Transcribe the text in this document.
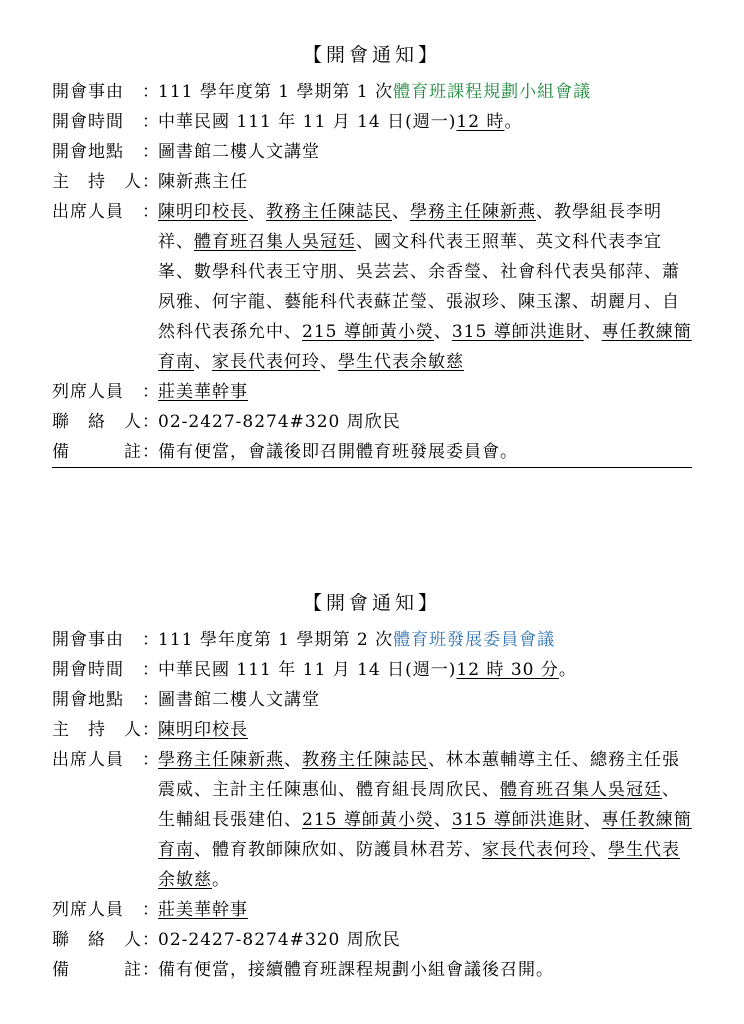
【開會通知】
開會事由	：
111 學年度第 1 學期第 1 次體育班課程規劃小組會議
開會時間	：
中華民國 111 年 11 月 14 日(週一)12 時。
開會地點	：
圖書館二樓人文講堂
主 持 人 ：
陳新燕主任
出席人員	：
陳明印校長、教務主任陳誌民、學務主任陳新燕、教學組長李明祥、體育班召集人吳冠廷、國文科代表王照華、英文科代表李宜峯、數學科代表王守朋、吳芸芸、余香瑩、社會科代表吳郁萍、蕭夙雅、何宇龍、藝能科代表蘇芷瑩、張淑珍、陳玉潔、胡麗月、自然科代表孫允中、215 導師黃小熒、315 導師洪進財、專任教練簡育南、家長代表何玲、學生代表余敏慈
列席人員	：
莊美華幹事
聯 絡 人 ：
02-2427-8274#320 周欣民
備	註 ：
備有便當，會議後即召開體育班發展委員會。
【開會通知】
開會事由	：
111 學年度第 1 學期第 2 次體育班發展委員會議
開會時間	：
中華民國 111 年 11 月 14 日(週一)12 時 30 分。
開會地點	：
圖書館二樓人文講堂
主 持 人 ：
陳明印校長
出席人員	：
學務主任陳新燕、教務主任陳誌民、林本蕙輔導主任、總務主任張震威、主計主任陳惠仙、體育組長周欣民、體育班召集人吳冠廷、生輔組長張建伯、215 導師黃小熒、315 導師洪進財、專任教練簡育南、體育教師陳欣如、防護員林君芳、家長代表何玲、學生代表余敏慈。
列席人員	：
莊美華幹事
聯 絡 人 ：
02-2427-8274#320 周欣民
備	註 ：
備有便當，接續體育班課程規劃小組會議後召開。
